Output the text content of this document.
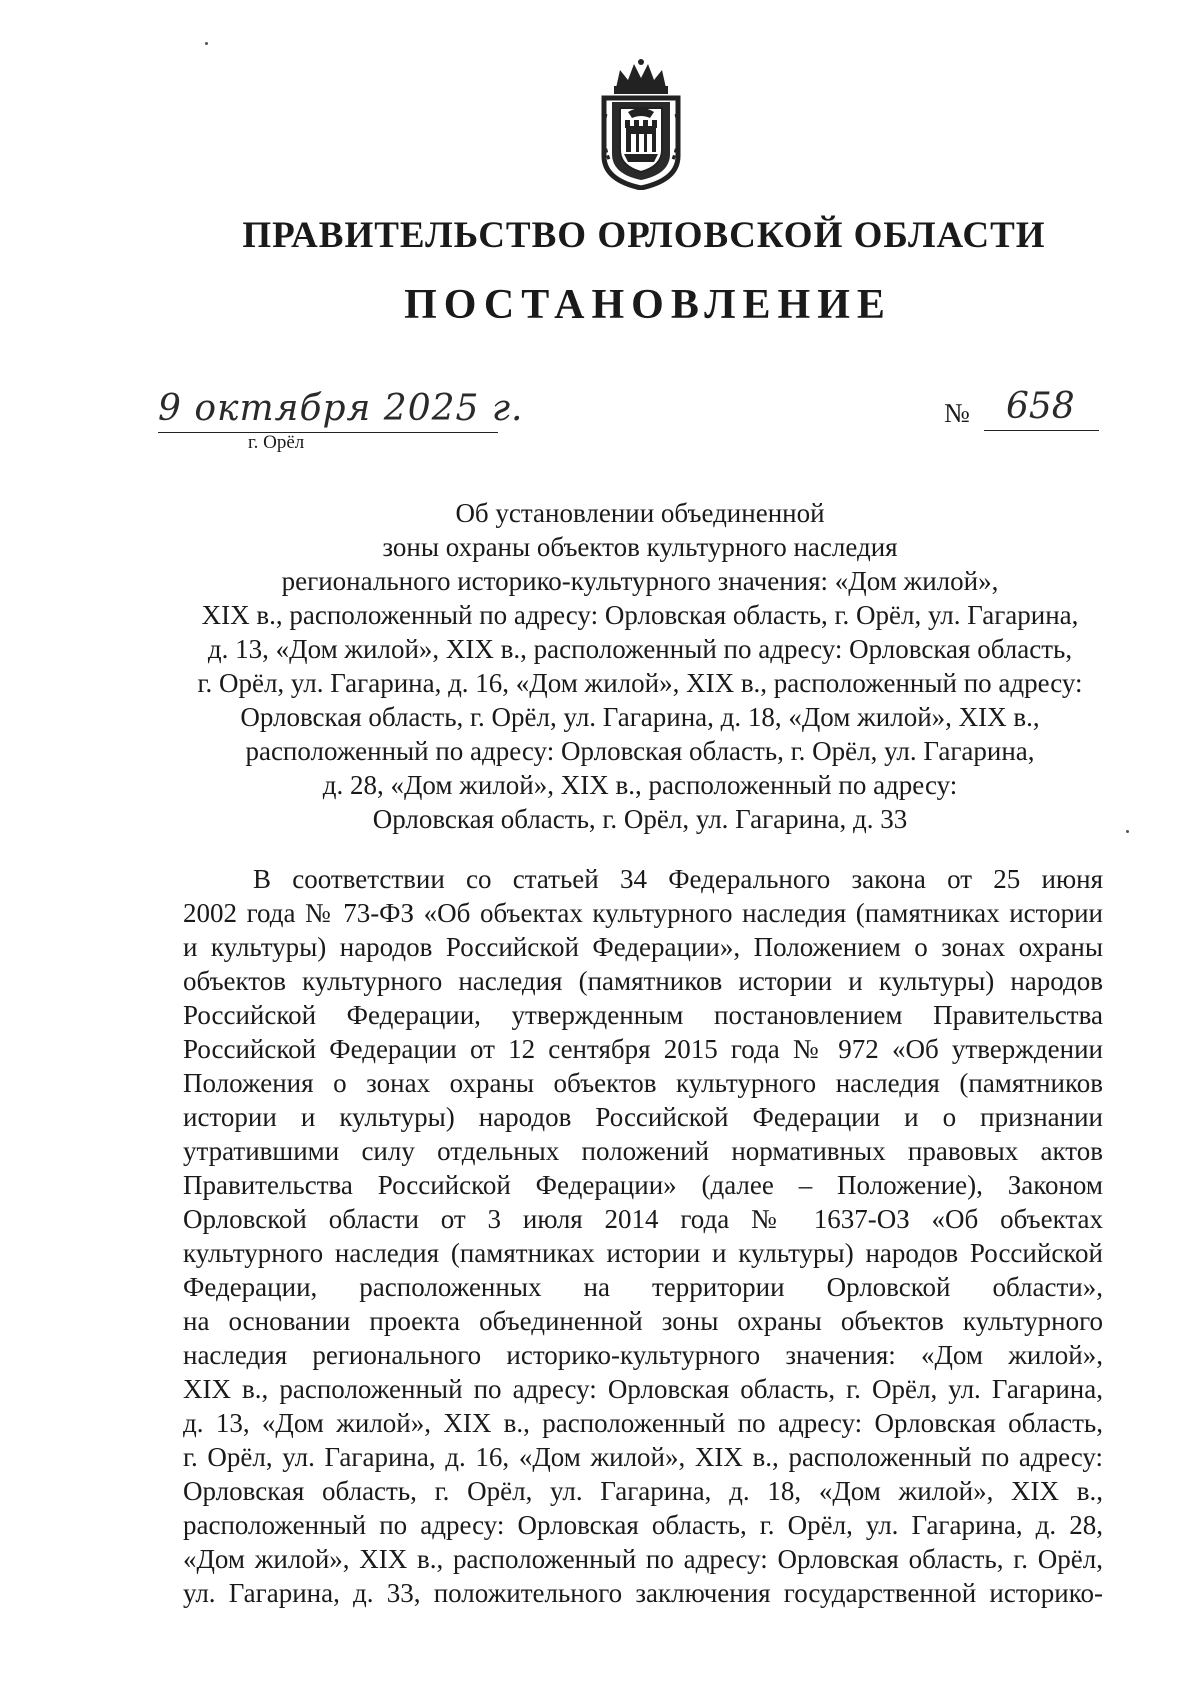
ПРАВИТЕЛЬСТВО ОРЛОВСКОЙ ОБЛАСТИ
ПОСТАНОВЛЕНИЕ
9 октября 2025 г.
г. Орёл
№ 658
Об установлении объединенной
зоны охраны объектов культурного наследия
регионального историко-культурного значения: «Дом жилой»,
XIX в., расположенный по адресу: Орловская область, г. Орёл, ул. Гагарина,
д. 13, «Дом жилой», XIX в., расположенный по адресу: Орловская область,
г. Орёл, ул. Гагарина, д. 16, «Дом жилой», XIX в., расположенный по адресу:
Орловская область, г. Орёл, ул. Гагарина, д. 18, «Дом жилой», XIX в.,
расположенный по адресу: Орловская область, г. Орёл, ул. Гагарина,
д. 28, «Дом жилой», XIX в., расположенный по адресу:
Орловская область, г. Орёл, ул. Гагарина, д. 33
В соответствии со статьей 34 Федерального закона от 25 июня
2002 года № 73-ФЗ «Об объектах культурного наследия (памятниках истории
и культуры) народов Российской Федерации», Положением о зонах охраны
объектов культурного наследия (памятников истории и культуры) народов
Российской Федерации, утвержденным постановлением Правительства
Российской Федерации от 12 сентября 2015 года № 972 «Об утверждении
Положения о зонах охраны объектов культурного наследия (памятников
истории и культуры) народов Российской Федерации и о признании
утратившими силу отдельных положений нормативных правовых актов
Правительства Российской Федерации» (далее – Положение), Законом
Орловской области от 3 июля 2014 года № 1637-ОЗ «Об объектах
культурного наследия (памятниках истории и культуры) народов Российской
Федерации, расположенных на территории Орловской области»,
на основании проекта объединенной зоны охраны объектов культурного
наследия регионального историко-культурного значения: «Дом жилой»,
XIX в., расположенный по адресу: Орловская область, г. Орёл, ул. Гагарина,
д. 13, «Дом жилой», XIX в., расположенный по адресу: Орловская область,
г. Орёл, ул. Гагарина, д. 16, «Дом жилой», XIX в., расположенный по адресу:
Орловская область, г. Орёл, ул. Гагарина, д. 18, «Дом жилой», XIX в.,
расположенный по адресу: Орловская область, г. Орёл, ул. Гагарина, д. 28,
«Дом жилой», XIX в., расположенный по адресу: Орловская область, г. Орёл,
ул. Гагарина, д. 33, положительного заключения государственной историко-
